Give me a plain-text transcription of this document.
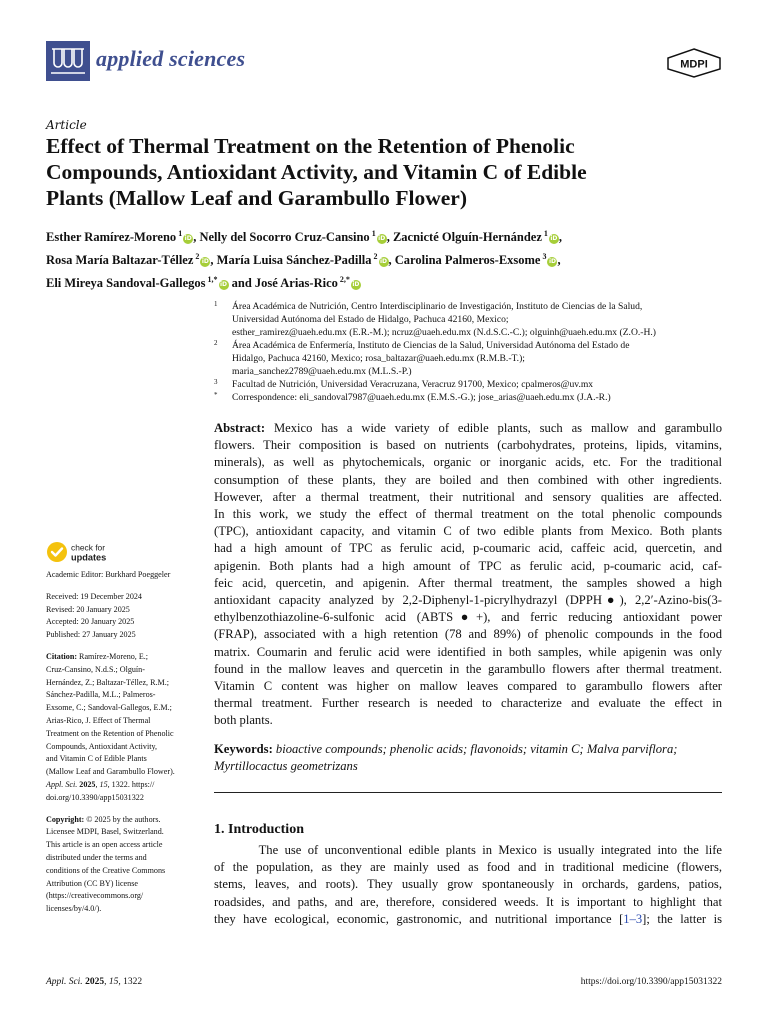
applied sciences	MDPI
Article
Effect of Thermal Treatment on the Retention of Phenolic
Compounds, Antioxidant Activity, and Vitamin C of Edible
Plants (Mallow Leaf and Garambullo Flower)
Esther Ramírez-Moreno $^1$iD, Nelly del Socorro Cruz-Cansino $^1$iD, Zacnicté Olguín-Hernández $^1$iD,
Rosa María Baltazar-Téllez $^2$iD, María Luisa Sánchez-Padilla $^2$iD, Carolina Palmeros-Exsome $^3$iD,
Eli Mireya Sandoval-Gallegos $^{1,*}$iD and José Arias-Rico $^{2,*}$iD
1 Área Académica de Nutrición, Centro Interdisciplinario de Investigación, Instituto de Ciencias de la Salud,
Universidad Autónoma del Estado de Hidalgo, Pachuca 42160, Mexico;
esther_ramirez@uaeh.edu.mx (E.R.-M.); ncruz@uaeh.edu.mx (N.d.S.C.-C.); olguinh@uaeh.edu.mx (Z.O.-H.)
2 Área Académica de Enfermería, Instituto de Ciencias de la Salud, Universidad Autónoma del Estado de
Hidalgo, Pachuca 42160, Mexico; rosa_baltazar@uaeh.edu.mx (R.M.B.-T.);
maria_sanchez2789@uaeh.edu.mx (M.L.S.-P.)
3 Facultad de Nutrición, Universidad Veracruzana, Veracruz 91700, Mexico; cpalmeros@uv.mx
* Correspondence: eli_sandoval7987@uaeh.edu.mx (E.M.S.-G.); jose_arias@uaeh.edu.mx (J.A.-R.)
Abstract: Mexico has a wide variety of edible plants, such as mallow and garambullo
flowers. Their composition is based on nutrients (carbohydrates, proteins, lipids, vitamins,
minerals), as well as phytochemicals, organic or inorganic acids, etc. For the traditional
consumption of these plants, they are boiled and then combined with other ingredients.
However, after a thermal treatment, their nutritional and sensory qualities are affected.
In this work, we study the effect of thermal treatment on the total phenolic compounds
(TPC), antioxidant capacity, and vitamin C of two edible plants from Mexico. Both plants
had a high amount of TPC as ferulic acid, p-coumaric acid, caffeic acid, quercetin, and
apigenin. Both plants had a high amount of TPC as ferulic acid, p-coumaric acid, caf-
feic acid, quercetin, and apigenin. After thermal treatment, the samples showed a high
antioxidant capacity analyzed by 2,2-Diphenyl-1-picrylhydrazyl (DPPH●), 2,2′-Azino-bis(3-
ethylbenzothiazoline-6-sulfonic acid (ABTS●+), and ferric reducing antioxidant power
(FRAP), associated with a high retention (78 and 89%) of phenolic compounds in the food
matrix. Coumarin and ferulic acid were identified in both samples, while apigenin was only
found in the mallow leaves and quercetin in the garambullo flowers after thermal treatment.
Vitamin C content was higher on mallow leaves compared to garambullo flowers after
thermal treatment. Further research is needed to characterize and evaluate the effect in
both plants.
Keywords: bioactive compounds; phenolic acids; flavonoids; vitamin C; Malva parviflora;
Myrtillocactus geometrizans
1. Introduction
The use of unconventional edible plants in Mexico is usually integrated into the life
of the population, as they are mainly used as food and in traditional medicine (flowers,
stems, leaves, and roots). They usually grow spontaneously in orchards, gardens, patios,
roadsides, and paths, and are, therefore, considered weeds. It is important to highlight that
they have ecological, economic, gastronomic, and nutritional importance [1–3]; the latter is
check for
updates
Academic Editor: Burkhard Poeggeler
Received: 19 December 2024
Revised: 20 January 2025
Accepted: 20 January 2025
Published: 27 January 2025
Citation: Ramírez-Moreno, E.;
Cruz-Cansino, N.d.S.; Olguín-
Hernández, Z.; Baltazar-Téllez, R.M.;
Sánchez-Padilla, M.L.; Palmeros-
Exsome, C.; Sandoval-Gallegos, E.M.;
Arias-Rico, J. Effect of Thermal
Treatment on the Retention of Phenolic
Compounds, Antioxidant Activity,
and Vitamin C of Edible Plants
(Mallow Leaf and Garambullo Flower).
Appl. Sci. 2025, 15, 1322. https://
doi.org/10.3390/app15031322
Copyright: © 2025 by the authors.
Licensee MDPI, Basel, Switzerland.
This article is an open access article
distributed under the terms and
conditions of the Creative Commons
Attribution (CC BY) license
(https://creativecommons.org/
licenses/by/4.0/).
Appl. Sci. 2025, 15, 1322	https://doi.org/10.3390/app15031322
